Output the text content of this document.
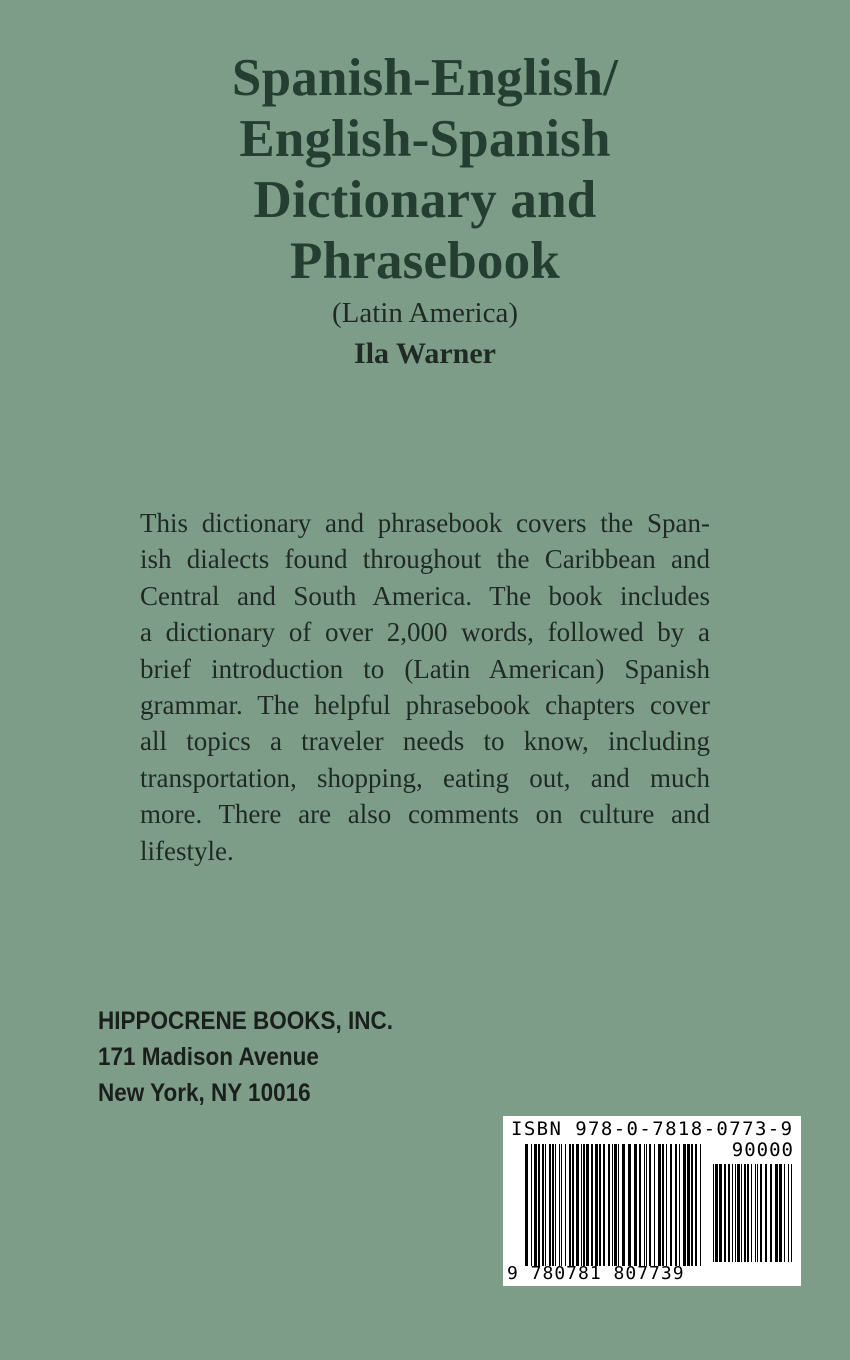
Spanish-English/
English-Spanish
Dictionary and
Phrasebook
(Latin America)
Ila Warner
This dictionary and phrasebook covers the Span-
ish dialects found throughout the Caribbean and
Central and South America. The book includes
a dictionary of over 2,000 words, followed by a
brief introduction to (Latin American) Spanish
grammar. The helpful phrasebook chapters cover
all topics a traveler needs to know, including
transportation, shopping, eating out, and much
more. There are also comments on culture and
lifestyle.
HIPPOCRENE BOOKS, INC.
171 Madison Avenue
New York, NY 10016
ISBN 978-0-7818-0773-9
90000
9 780781 807739
